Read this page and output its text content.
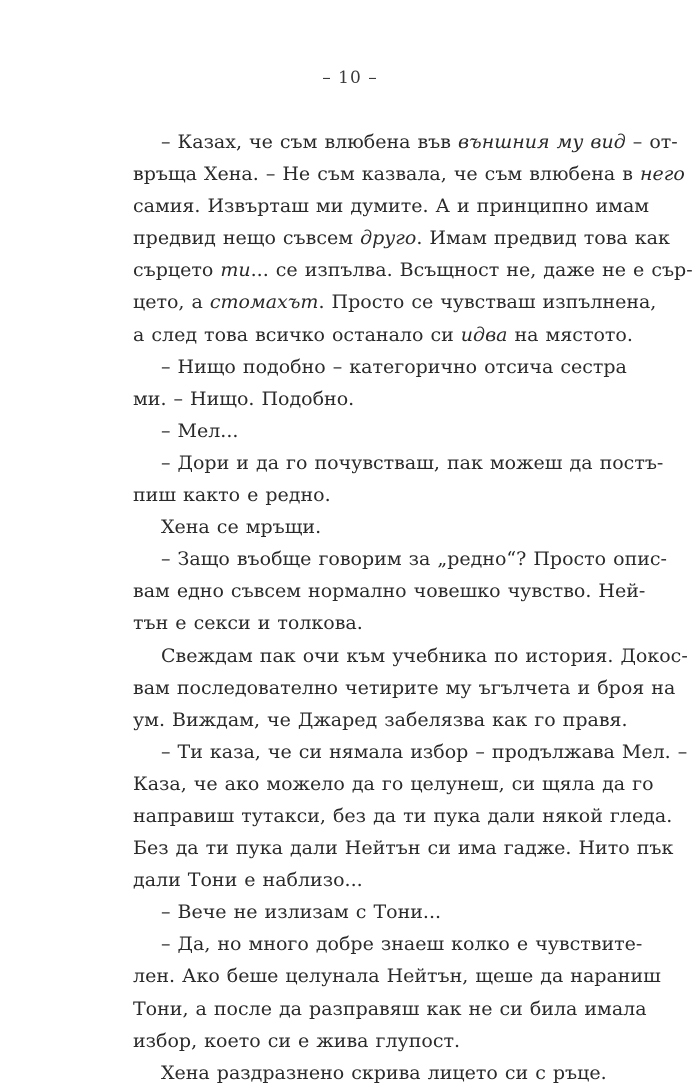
– 10 –
– Казах, че съм влюбена във външния му вид – от-
връща Хена. – Не съм казвала, че съм влюбена в него
самия. Извърташ ми думите. А и принципно имам
предвид нещо съвсем друго. Имам предвид това как
сърцето ти... се изпълва. Всъщност не, даже не е сър-
цето, а стомахът. Просто се чувстваш изпълнена,
а след това всичко останало си идва на мястото.
– Нищо подобно – категорично отсича сестра
ми. – Нищо. Подобно.
– Мел...
– Дори и да го почувстваш, пак можеш да постъ-
пиш както е редно.
Хена се мръщи.
– Защо въобще говорим за „редно“? Просто опис-
вам едно съвсем нормално човешко чувство. Ней-
тън е секси и толкова.
Свеждам пак очи към учебника по история. Докос-
вам последователно четирите му ъгълчета и броя на
ум. Виждам, че Джаред забелязва как го правя.
– Ти каза, че си нямала избор – продължава Мел. –
Каза, че ако можело да го целунеш, си щяла да го
направиш тутакси, без да ти пука дали някой гледа.
Без да ти пука дали Нейтън си има гадже. Нито пък
дали Тони е наблизо...
– Вече не излизам с Тони...
– Да, но много добре знаеш колко е чувствите-
лен. Ако беше целунала Нейтън, щеше да нараниш
Тони, а после да разправяш как не си била имала
избор, което си е жива глупост.
Хена раздразнено скрива лицето си с ръце.
